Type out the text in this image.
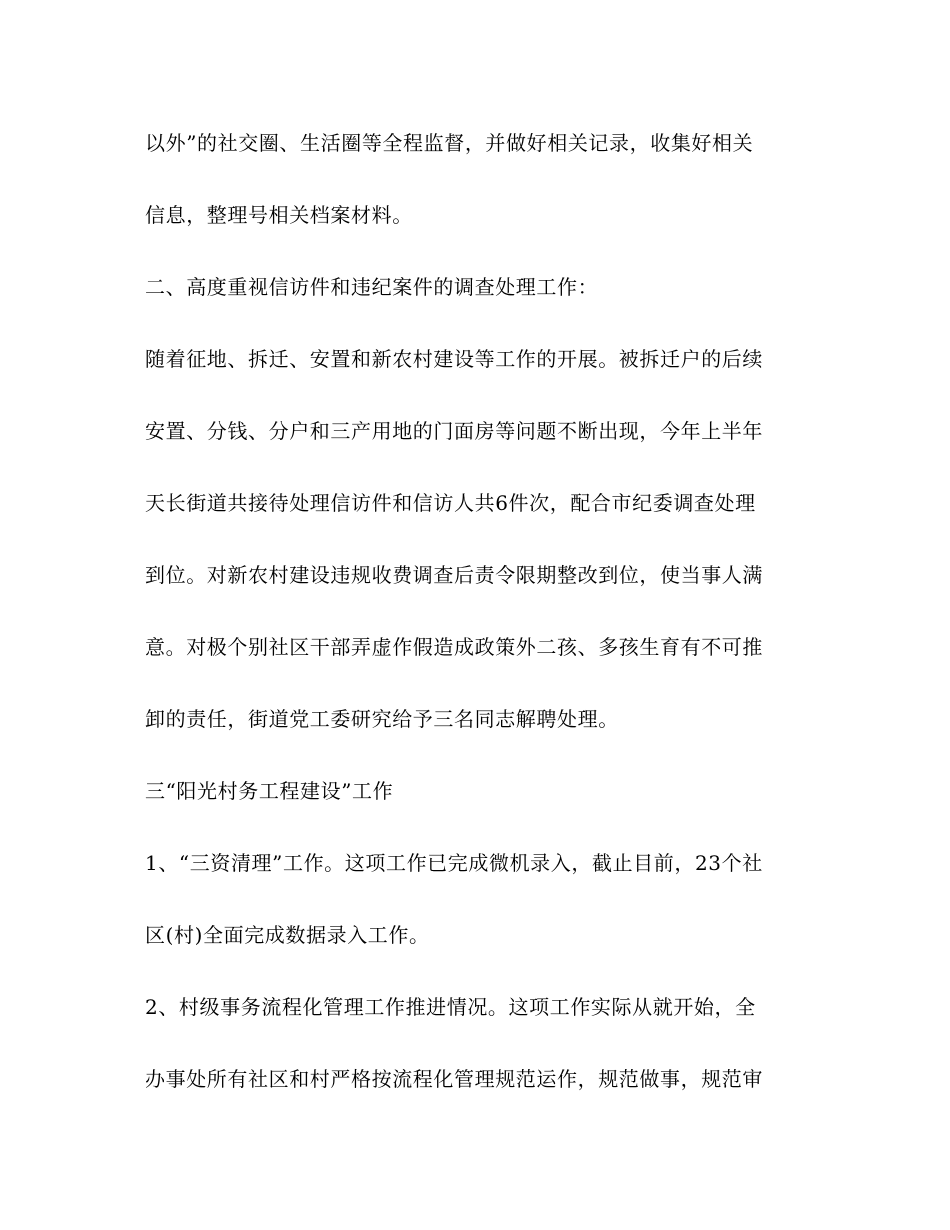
以外”的社交圈、生活圈等全程监督，并做好相关记录，收集好相关

信息，整理号相关档案材料。

二、高度重视信访件和违纪案件的调查处理工作：

随着征地、拆迁、安置和新农村建设等工作的开展。被拆迁户的后续

安置、分钱、分户和三产用地的门面房等问题不断出现，今年上半年

天长街道共接待处理信访件和信访人共6件次，配合市纪委调查处理

到位。对新农村建设违规收费调查后责令限期整改到位，使当事人满

意。对极个别社区干部弄虚作假造成政策外二孩、多孩生育有不可推

卸的责任，街道党工委研究给予三名同志解聘处理。

三“阳光村务工程建设”工作

1、“三资清理”工作。这项工作已完成微机录入，截止目前，23个社

区(村)全面完成数据录入工作。

2、村级事务流程化管理工作推进情况。这项工作实际从就开始，全

办事处所有社区和村严格按流程化管理规范运作，规范做事，规范审
